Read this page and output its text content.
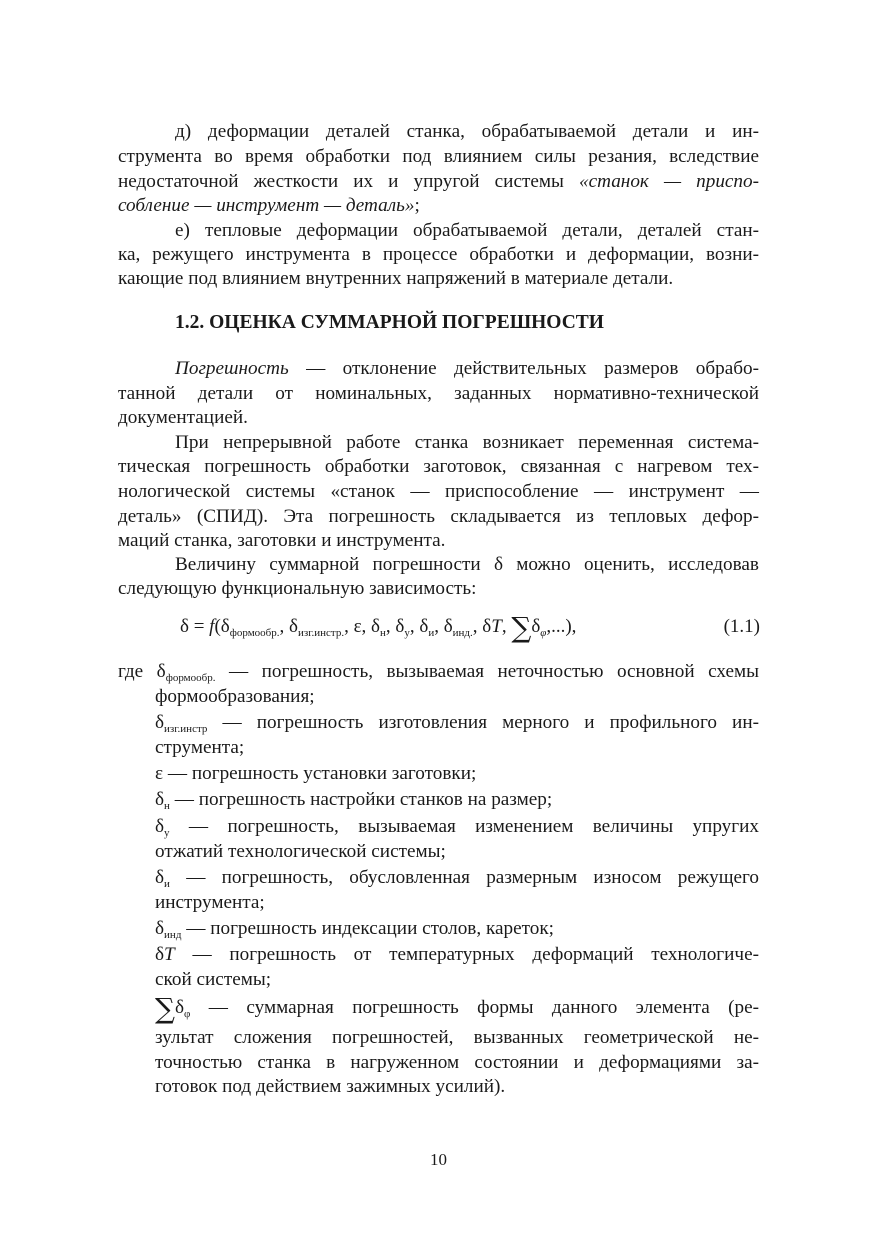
д) деформации деталей станка, обрабатываемой детали и ин-
струмента во время обработки под влиянием силы резания, вследствие
недостаточной жесткости их и упругой системы «станок — приспо-
собление — инструмент — деталь»;
е) тепловые деформации обрабатываемой детали, деталей стан-
ка, режущего инструмента в процессе обработки и деформации, возни-
кающие под влиянием внутренних напряжений в материале детали.
1.2. ОЦЕНКА СУММАРНОЙ ПОГРЕШНОСТИ
Погрешность — отклонение действительных размеров обрабо-
танной детали от номинальных, заданных нормативно-технической
документацией.
При непрерывной работе станка возникает переменная система-
тическая погрешность обработки заготовок, связанная с нагревом тех-
нологической системы «станок — приспособление — инструмент —
деталь» (СПИД). Эта погрешность складывается из тепловых дефор-
маций станка, заготовки и инструмента.
Величину суммарной погрешности δ можно оценить, исследовав
следующую функциональную зависимость:
$\delta = f(\delta_{формообр.}$, $\delta_{изг.инстр.}$, ε, $\delta_н$, $\delta_у$, $\delta_и$, $\delta_{инд.}$, δT, $\sum\delta_\varphi$,...),	(1.1)
где $\delta_{формообр.}$ — погрешность, вызываемая неточностью основной схемы
формообразования;
$\delta_{изг.инстр}$ — погрешность изготовления мерного и профильного ин-
струмента;
ε — погрешность установки заготовки;
$\delta_н$ — погрешность настройки станков на размер;
$\delta_у$ — погрешность, вызываемая изменением величины упругих
отжатий технологической системы;
$\delta_и$ — погрешность, обусловленная размерным износом режущего
инструмента;
$\delta_{инд}$ — погрешность индексации столов, кареток;
δT — погрешность от температурных деформаций технологиче-
ской системы;
$\sum\delta_\varphi$ — суммарная погрешность формы данного элемента (ре-
зультат сложения погрешностей, вызванных геометрической не-
точностью станка в нагруженном состоянии и деформациями за-
готовок под действием зажимных усилий).
10
